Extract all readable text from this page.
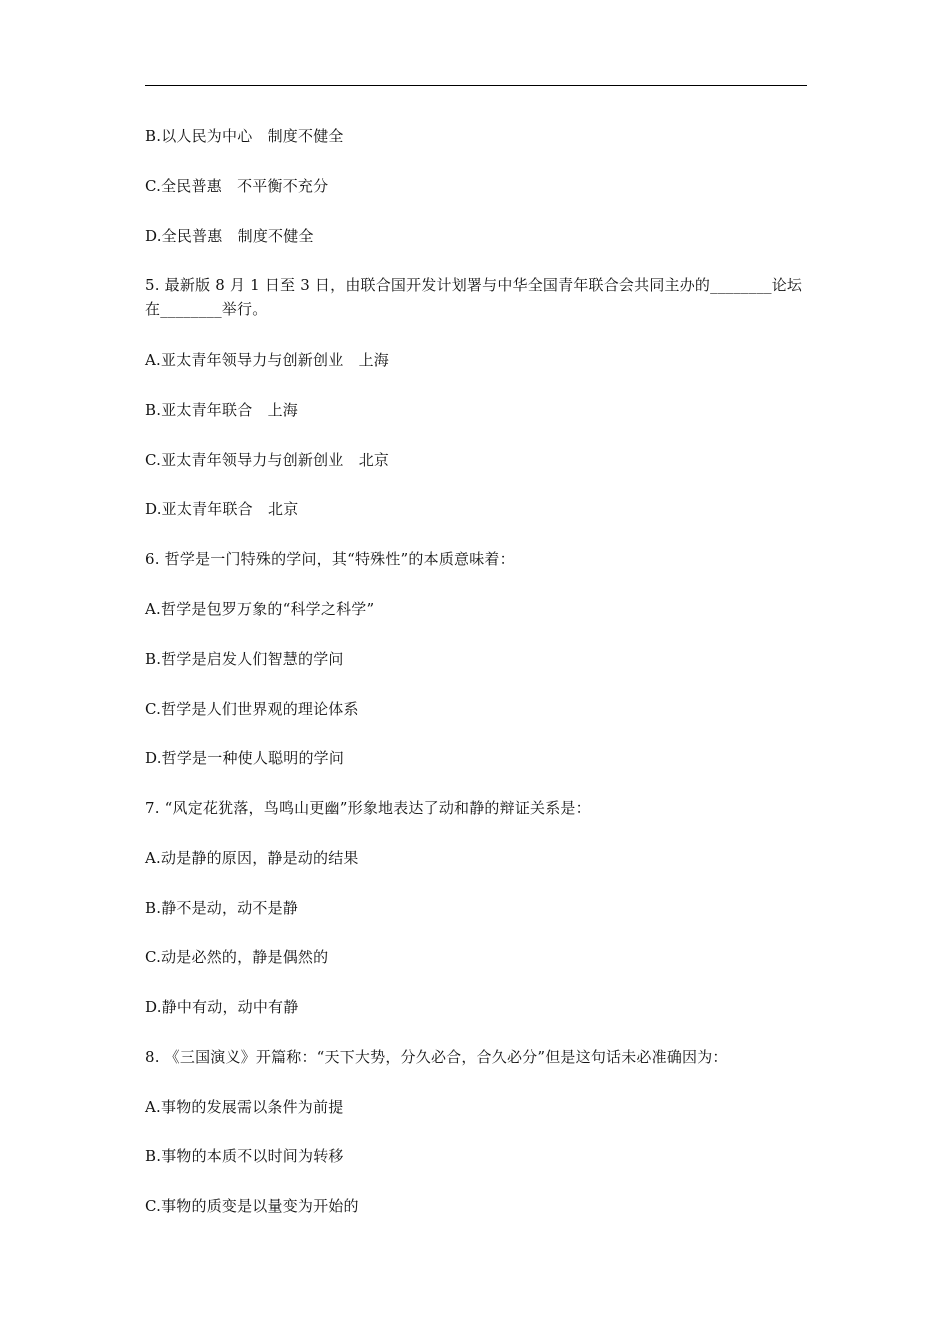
B.以人民为中心　制度不健全
C.全民普惠　不平衡不充分
D.全民普惠　制度不健全
5. 最新版 8 月 1 日至 3 日，由联合国开发计划署与中华全国青年联合会共同主办的________论坛在________举行。
A.亚太青年领导力与创新创业　上海
B.亚太青年联合　上海
C.亚太青年领导力与创新创业　北京
D.亚太青年联合　北京
6. 哲学是一门特殊的学问，其“特殊性”的本质意味着：
A.哲学是包罗万象的“科学之科学”
B.哲学是启发人们智慧的学问
C.哲学是人们世界观的理论体系
D.哲学是一种使人聪明的学问
7. “风定花犹落，鸟鸣山更幽”形象地表达了动和静的辩证关系是：
A.动是静的原因，静是动的结果
B.静不是动，动不是静
C.动是必然的，静是偶然的
D.静中有动，动中有静
8. 《三国演义》开篇称：“天下大势，分久必合，合久必分”但是这句话未必准确因为：
A.事物的发展需以条件为前提
B.事物的本质不以时间为转移
C.事物的质变是以量变为开始的
